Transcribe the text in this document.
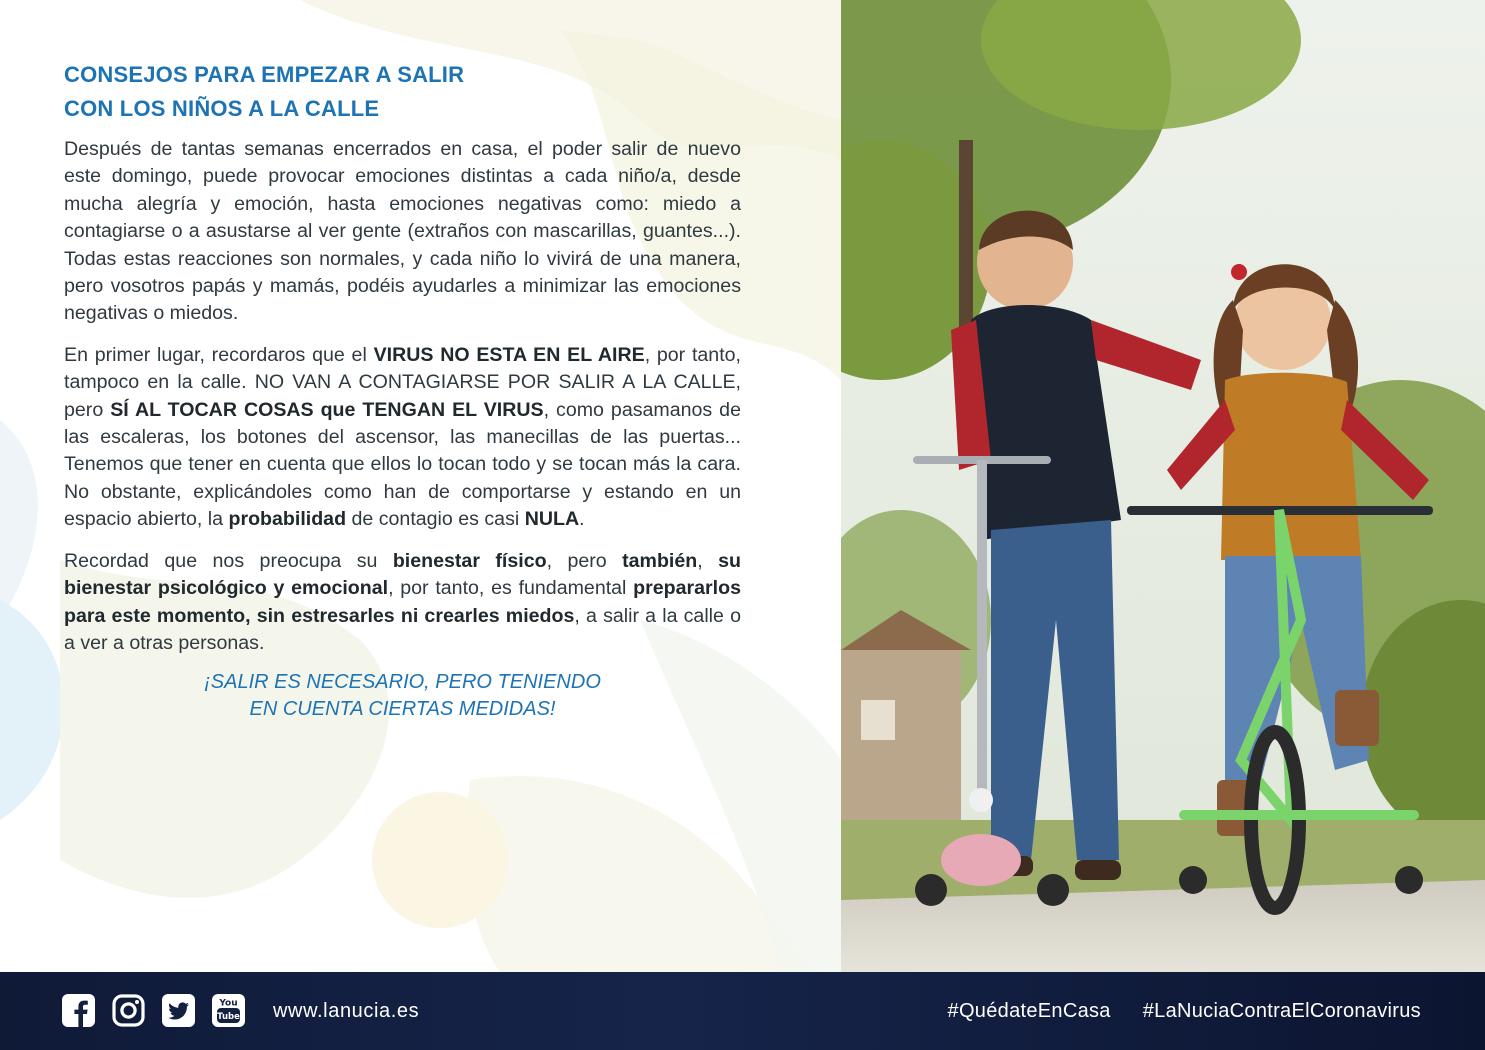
CONSEJOS PARA EMPEZAR A SALIR
CON LOS NIÑOS A LA CALLE

Después de tantas semanas encerrados en casa, el poder salir de nuevo este domingo, puede provocar emociones distintas a cada niño/a, desde mucha alegría y emoción, hasta emociones negativas como: miedo a contagiarse o a asustarse al ver gente (extraños con mascarillas, guantes...). Todas estas reacciones son normales, y cada niño lo vivirá de una manera, pero vosotros papás y mamás, podéis ayudarles a minimizar las emociones negativas o miedos.

En primer lugar, recordaros que el VIRUS NO ESTA EN EL AIRE, por tanto, tampoco en la calle. NO VAN A CONTAGIARSE POR SALIR A LA CALLE, pero SÍ AL TOCAR COSAS que TENGAN EL VIRUS, como pasamanos de las escaleras, los botones del ascensor, las manecillas de las puertas... Tenemos que tener en cuenta que ellos lo tocan todo y se tocan más la cara. No obstante, explicándoles como han de comportarse y estando en un espacio abierto, la probabilidad de contagio es casi NULA.

Recordad que nos preocupa su bienestar físico, pero también, su bienestar psicológico y emocional, por tanto, es fundamental prepararlos para este momento, sin estresarles ni crearles miedos, a salir a la calle o a ver a otras personas.

¡SALIR ES NECESARIO, PERO TENIENDO
EN CUENTA CIERTAS MEDIDAS!

You
Tube www.lanucia.es	#QuédateEnCasa #LaNuciaContraElCoronavirus
